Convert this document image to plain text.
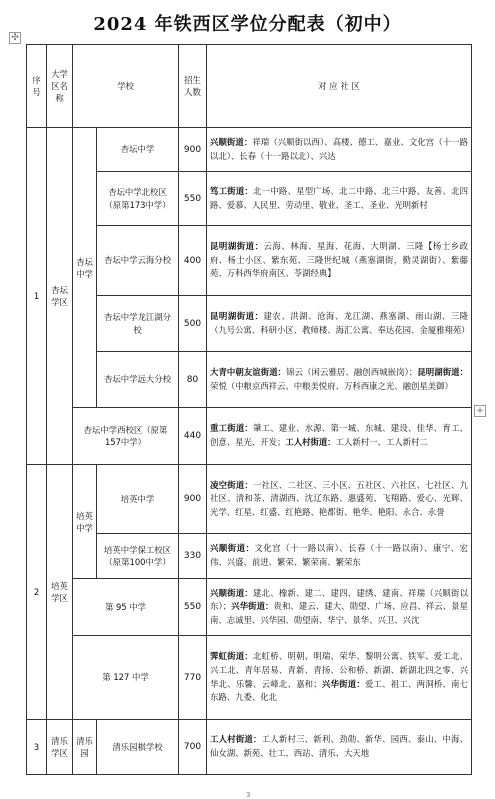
2024 年铁西区学位分配表（初中）
✣
+
序号	大学区名称	学校		招生人数	对 应 社 区
1	杏坛学区	杏坛中学	杏坛中学	900	兴顺街道：祥瑞（兴顺街以西）、高楼、德工、嘉业、文化宫（十一路以北）、长春（十一路以北）、兴达
			杏坛中学北校区（原第173中学）	550	笃工街道：北一中路、星型广场、北二中路、北三中路、友善、北四路、爱慕、人民里、劳动里、敬业、圣工、圣业、光明新村
			杏坛中学云海分校	400	昆明湖街道：云海、林海、星海、花海、大明湖、三隆【杨士乡政府、杨士小区、紫东苑、三隆世纪城（燕塞湖街，勤灵湖街）、紫藤苑、万科西华府南区、苓湖经典】
			杏坛中学龙江湖分校	500	昆明湖街道：建农、洪湖、沧海、龙江湖、燕塞湖、雨山湖、三隆（九号公寓、科研小区、教师楼、海汇公寓、奉达花园、金厦雅翔苑）
			杏坛中学远大分校	80	大青中朝友谊街道：锦云（闲云雅居、融创西城嵌岗）；昆明湖街道：荣悦（中粮京西祥云、中粮美悦府、万科西康之光、融创星美御）
		杏坛中学西校区（原第157中学）		440	重工街道：肇工、建业、水源、第一城、东城、建设、佳华、育工、创意、星光、开发；工人村街道：工人新村一、工人新村二
2	培英学区	培英中学	培英中学	900	凌空街道：一社区、二社区、三小区、五社区、六社区、七社区、九社区、清和茶、清湖西、沈辽东路、惠盛苑、飞翔路、爱心、光辉、光学、红星、红盛、红艳路、艳都街、艳华、艳阳、永合、永誉
			培英中学保工校区（原第100中学）	330	兴顺街道：文化宫（十一路以南）、长春（十一路以南）、康宁、宏伟、兴盛、前进、繁荣、繁荣南、繁荣东
		第 95 中学		550	兴顺街道：建北、橡新、建二、建四、建绣、建南、祥瑞（兴顺街以东）；兴华街道：贵和、建云、建大、勋望、广场、应昌、祥云、景星南、志诚里、兴华园、勋望南、华宁、景华、兴卫、兴沈
		第 127 中学		770	霁虹街道：北虹桥、明朝、明瑞、荣华、黎明公寓、铁军、爱工北、兴工北、青年居易、青新、青扬、公和桥、新湖、新湖北四之零、兴华北、乐馨、云峰北、嘉和；兴华街道：爱工、祖工、两洞桥、南七东路、九委、化北
3	清乐学区	清乐园	清乐园棋学校	700	工人村街道：工人新村三、新利、劲勋、新华、园西、泰山、中海、仙女湖、新苑、壮工、西站、清乐、大天地
3
